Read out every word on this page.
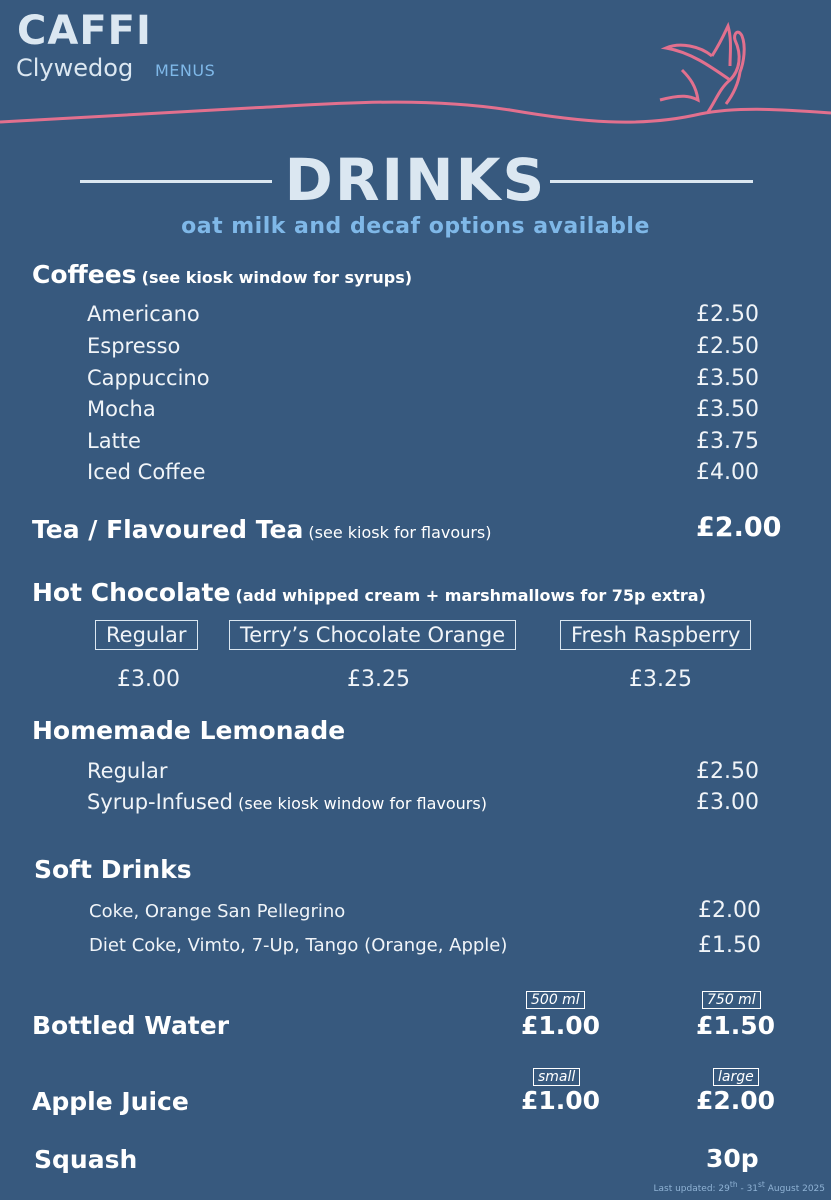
CAFFI
Clywedog MENUS
DRINKS
oat milk and decaf options available
Coffees (see kiosk window for syrups)
Americano	£2.50
Espresso	£2.50
Cappuccino	£3.50
Mocha	£3.50
Latte	£3.75
Iced Coffee	£4.00
Tea / Flavoured Tea (see kiosk for flavours)	£2.00
Hot Chocolate (add whipped cream + marshmallows for 75p extra)
Regular	Terry’s Chocolate Orange	Fresh Raspberry
£3.00	£3.25	£3.25
Homemade Lemonade
Regular	£2.50
Syrup-Infused (see kiosk window for flavours)	£3.00
Soft Drinks
Coke, Orange San Pellegrino	£2.00
Diet Coke, Vimto, 7-Up, Tango (Orange, Apple)	£1.50
500 ml	750 ml
Bottled Water	£1.00	£1.50
small	large
Apple Juice	£1.00	£2.00
Squash	30p
Last updated: 29th - 31st August 2025
